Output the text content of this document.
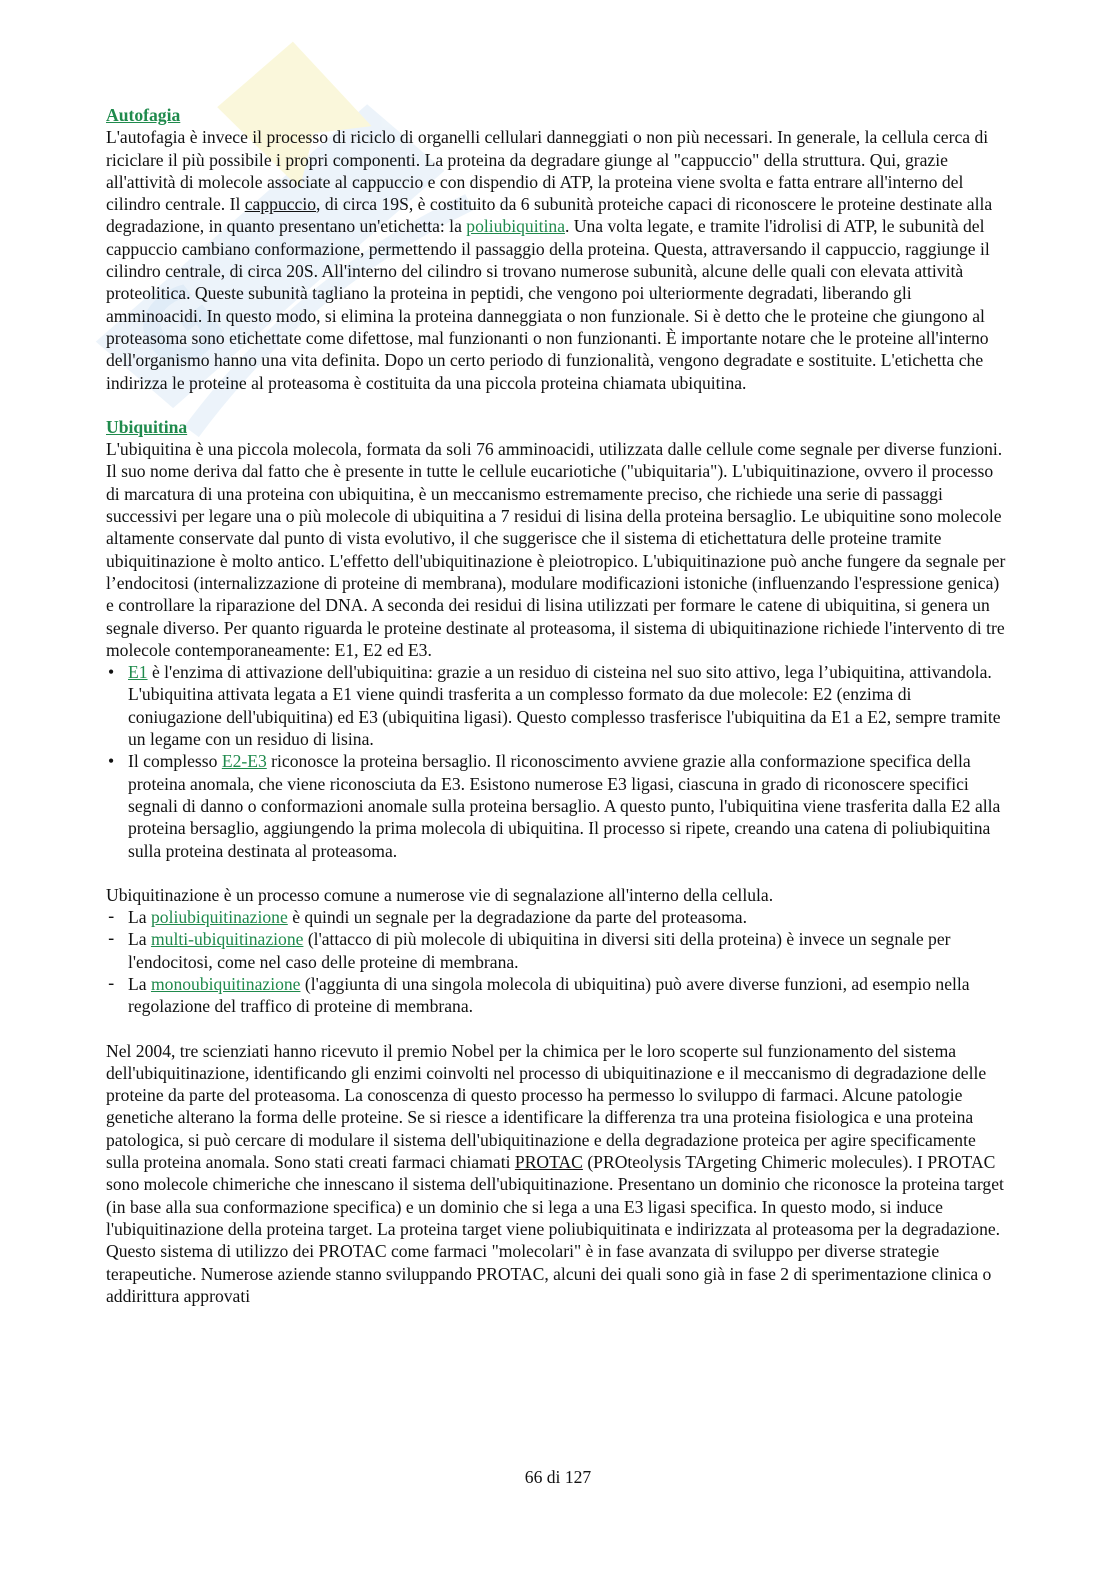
G
Autofagia

L'autofagia è invece il processo di riciclo di organelli cellulari danneggiati o non più necessari. In generale, la cellula cerca di riciclare il più possibile i propri componenti. La proteina da degradare giunge al "cappuccio" della struttura. Qui, grazie all'attività di molecole associate al cappuccio e con dispendio di ATP, la proteina viene svolta e fatta entrare all'interno del cilindro centrale. Il cappuccio, di circa 19S, è costituito da 6 subunità proteiche capaci di riconoscere le proteine destinate alla degradazione, in quanto presentano un'etichetta: la poliubiquitina. Una volta legate, e tramite l'idrolisi di ATP, le subunità del cappuccio cambiano conformazione, permettendo il passaggio della proteina. Questa, attraversando il cappuccio, raggiunge il cilindro centrale, di circa 20S. All'interno del cilindro si trovano numerose subunità, alcune delle quali con elevata attività proteolitica. Queste subunità tagliano la proteina in peptidi, che vengono poi ulteriormente degradati, liberando gli amminoacidi. In questo modo, si elimina la proteina danneggiata o non funzionale. Si è detto che le proteine che giungono al proteasoma sono etichettate come difettose, mal funzionanti o non funzionanti. È importante notare che le proteine all'interno dell'organismo hanno una vita definita. Dopo un certo periodo di funzionalità, vengono degradate e sostituite. L'etichetta che indirizza le proteine al proteasoma è costituita da una piccola proteina chiamata ubiquitina.

Ubiquitina

L'ubiquitina è una piccola molecola, formata da soli 76 amminoacidi, utilizzata dalle cellule come segnale per diverse funzioni. Il suo nome deriva dal fatto che è presente in tutte le cellule eucariotiche ("ubiquitaria"). L'ubiquitinazione, ovvero il processo di marcatura di una proteina con ubiquitina, è un meccanismo estremamente preciso, che richiede una serie di passaggi successivi per legare una o più molecole di ubiquitina a 7 residui di lisina della proteina bersaglio. Le ubiquitine sono molecole altamente conservate dal punto di vista evolutivo, il che suggerisce che il sistema di etichettatura delle proteine tramite ubiquitinazione è molto antico. L'effetto dell'ubiquitinazione è pleiotropico. L'ubiquitinazione può anche fungere da segnale per l’endocitosi (internalizzazione di proteine di membrana), modulare modificazioni istoniche (influenzando l'espressione genica) e controllare la riparazione del DNA. A seconda dei residui di lisina utilizzati per formare le catene di ubiquitina, si genera un segnale diverso. Per quanto riguarda le proteine destinate al proteasoma, il sistema di ubiquitinazione richiede l'intervento di tre molecole contemporaneamente: E1, E2 ed E3.

• E1 è l'enzima di attivazione dell'ubiquitina: grazie a un residuo di cisteina nel suo sito attivo, lega l’ubiquitina, attivandola. L'ubiquitina attivata legata a E1 viene quindi trasferita a un complesso formato da due molecole: E2 (enzima di coniugazione dell'ubiquitina) ed E3 (ubiquitina ligasi). Questo complesso trasferisce l'ubiquitina da E1 a E2, sempre tramite un legame con un residuo di lisina.
• Il complesso E2-E3 riconosce la proteina bersaglio. Il riconoscimento avviene grazie alla conformazione specifica della proteina anomala, che viene riconosciuta da E3. Esistono numerose E3 ligasi, ciascuna in grado di riconoscere specifici segnali di danno o conformazioni anomale sulla proteina bersaglio. A questo punto, l'ubiquitina viene trasferita dalla E2 alla proteina bersaglio, aggiungendo la prima molecola di ubiquitina. Il processo si ripete, creando una catena di poliubiquitina sulla proteina destinata al proteasoma.

Ubiquitinazione è un processo comune a numerose vie di segnalazione all'interno della cellula.

- La poliubiquitinazione è quindi un segnale per la degradazione da parte del proteasoma.
- La multi-ubiquitinazione (l'attacco di più molecole di ubiquitina in diversi siti della proteina) è invece un segnale per l'endocitosi, come nel caso delle proteine di membrana.
- La monoubiquitinazione (l'aggiunta di una singola molecola di ubiquitina) può avere diverse funzioni, ad esempio nella regolazione del traffico di proteine di membrana.

Nel 2004, tre scienziati hanno ricevuto il premio Nobel per la chimica per le loro scoperte sul funzionamento del sistema dell'ubiquitinazione, identificando gli enzimi coinvolti nel processo di ubiquitinazione e il meccanismo di degradazione delle proteine da parte del proteasoma. La conoscenza di questo processo ha permesso lo sviluppo di farmaci. Alcune patologie genetiche alterano la forma delle proteine. Se si riesce a identificare la differenza tra una proteina fisiologica e una proteina patologica, si può cercare di modulare il sistema dell'ubiquitinazione e della degradazione proteica per agire specificamente sulla proteina anomala. Sono stati creati farmaci chiamati PROTAC (PROteolysis TArgeting Chimeric molecules). I PROTAC sono molecole chimeriche che innescano il sistema dell'ubiquitinazione. Presentano un dominio che riconosce la proteina target (in base alla sua conformazione specifica) e un dominio che si lega a una E3 ligasi specifica. In questo modo, si induce l'ubiquitinazione della proteina target. La proteina target viene poliubiquitinata e indirizzata al proteasoma per la degradazione. Questo sistema di utilizzo dei PROTAC come farmaci "molecolari" è in fase avanzata di sviluppo per diverse strategie terapeutiche. Numerose aziende stanno sviluppando PROTAC, alcuni dei quali sono già in fase 2 di sperimentazione clinica o addirittura approvati

66 di 127
